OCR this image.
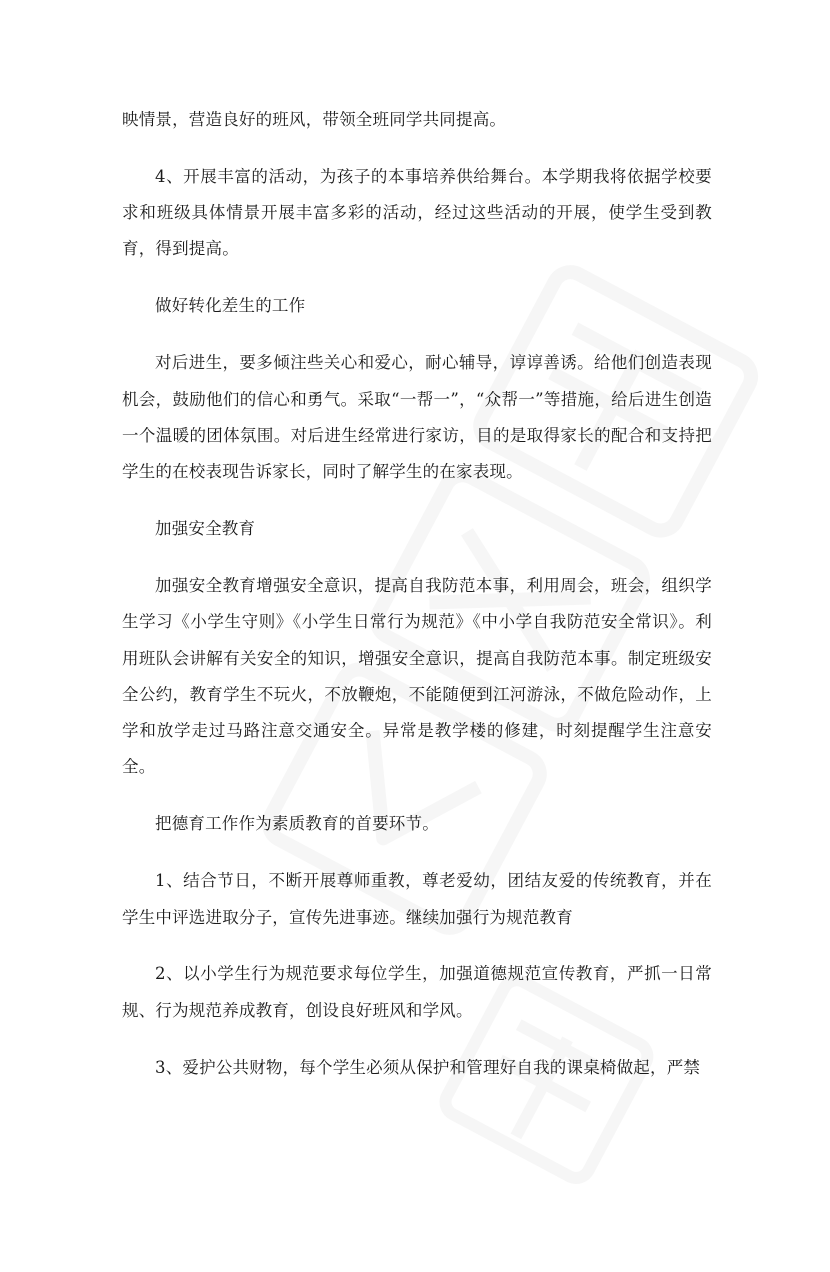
映情景，营造良好的班风，带领全班同学共同提高。

4、开展丰富的活动，为孩子的本事培养供给舞台。本学期我将依据学校要求和班级具体情景开展丰富多彩的活动，经过这些活动的开展，使学生受到教育，得到提高。

做好转化差生的工作

对后进生，要多倾注些关心和爱心，耐心辅导，谆谆善诱。给他们创造表现机会，鼓励他们的信心和勇气。采取“一帮一”，“众帮一”等措施，给后进生创造一个温暖的团体氛围。对后进生经常进行家访，目的是取得家长的配合和支持把学生的在校表现告诉家长，同时了解学生的在家表现。

加强安全教育

加强安全教育增强安全意识，提高自我防范本事，利用周会，班会，组织学生学习《小学生守则》《小学生日常行为规范》《中小学自我防范安全常识》。利用班队会讲解有关安全的知识，增强安全意识，提高自我防范本事。制定班级安全公约，教育学生不玩火，不放鞭炮，不能随便到江河游泳，不做危险动作，上学和放学走过马路注意交通安全。异常是教学楼的修建，时刻提醒学生注意安全。

把德育工作作为素质教育的首要环节。

1、结合节日，不断开展尊师重教，尊老爱幼，团结友爱的传统教育，并在学生中评选进取分子，宣传先进事迹。继续加强行为规范教育

2、以小学生行为规范要求每位学生，加强道德规范宣传教育，严抓一日常规、行为规范养成教育，创设良好班风和学风。

3、爱护公共财物，每个学生必须从保护和管理好自我的课桌椅做起，严禁
